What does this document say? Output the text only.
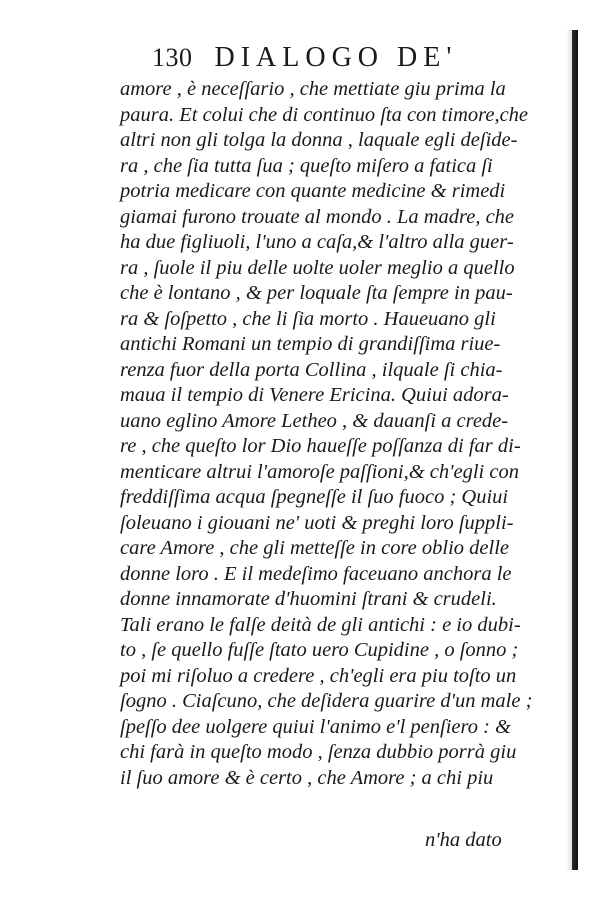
130 DIALOGO DE'
amore , è neceſſario , che mettiate giu prima la
paura. Et colui che di continuo ſta con timore,che
altri non gli tolga la donna , laquale egli deſide-
ra , che ſia tutta ſua ; queſto miſero a fatica ſi
potria medicare con quante medicine & rimedi
giamai furono trouate al mondo . La madre, che
ha due figliuoli, l'uno a caſa,& l'altro alla guer-
ra , ſuole il piu delle uolte uoler meglio a quello
che è lontano , & per loquale ſta ſempre in pau-
ra & ſoſpetto , che li ſia morto . Haueuano gli
antichi Romani un tempio di grandiſſima riue-
renza fuor della porta Collina , ilquale ſi chia-
maua il tempio di Venere Ericina. Quiui adora-
uano eglino Amore Letheo , & dauanſi a crede-
re , che queſto lor Dio haueſſe poſſanza di far di-
menticare altrui l'amoroſe paſſioni,& ch'egli con
freddiſſima acqua ſpegneſſe il ſuo fuoco ; Quiui
ſoleuano i giouani ne' uoti & preghi loro ſuppli-
care Amore , che gli metteſſe in core oblio delle
donne loro . E il medeſimo faceuano anchora le
donne innamorate d'huomini ſtrani & crudeli.
Tali erano le falſe deità de gli antichi : e io dubi-
to , ſe quello fuſſe ſtato uero Cupidine , o ſonno ;
poi mi riſoluo a credere , ch'egli era piu toſto un
ſogno . Ciaſcuno, che deſidera guarire d'un male ;
ſpeſſo dee uolgere quiui l'animo e'l penſiero : &
chi farà in queſto modo , ſenza dubbio porrà giu
il ſuo amore & è certo , che Amore ; a chi piu
n'ha dato
